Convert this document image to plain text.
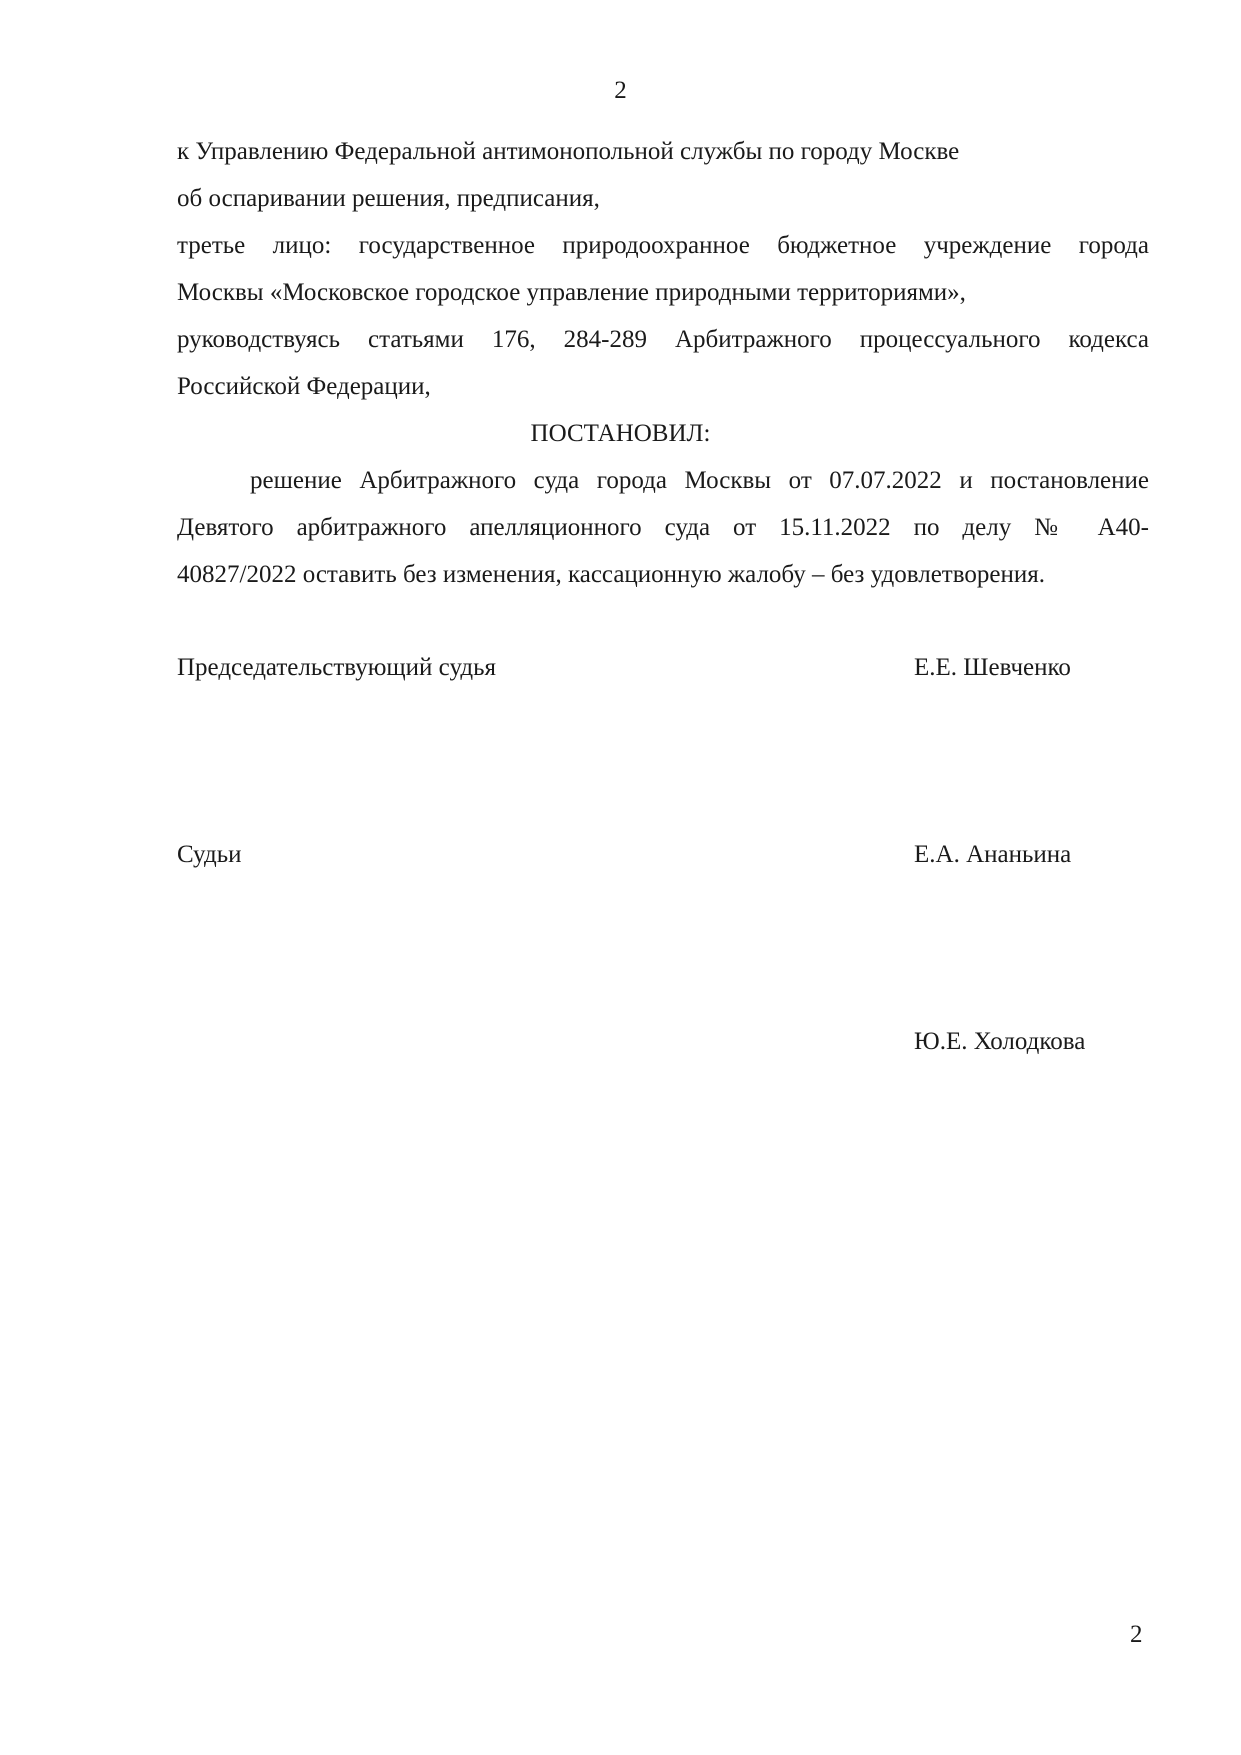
2
к Управлению Федеральной антимонопольной службы по городу Москве
об оспаривании решения, предписания,
третье лицо: государственное природоохранное бюджетное учреждение города
Москвы «Московское городское управление природными территориями»,
руководствуясь статьями 176, 284-289 Арбитражного процессуального кодекса
Российской Федерации,
ПОСТАНОВИЛ:
решение Арбитражного суда города Москвы от 07.07.2022 и постановление
Девятого арбитражного апелляционного суда от 15.11.2022 по делу № А40-
40827/2022 оставить без изменения, кассационную жалобу – без удовлетворения.
Председательствующий судья	Е.Е. Шевченко
Судьи	Е.А. Ананьина
Ю.Е. Холодкова
2
